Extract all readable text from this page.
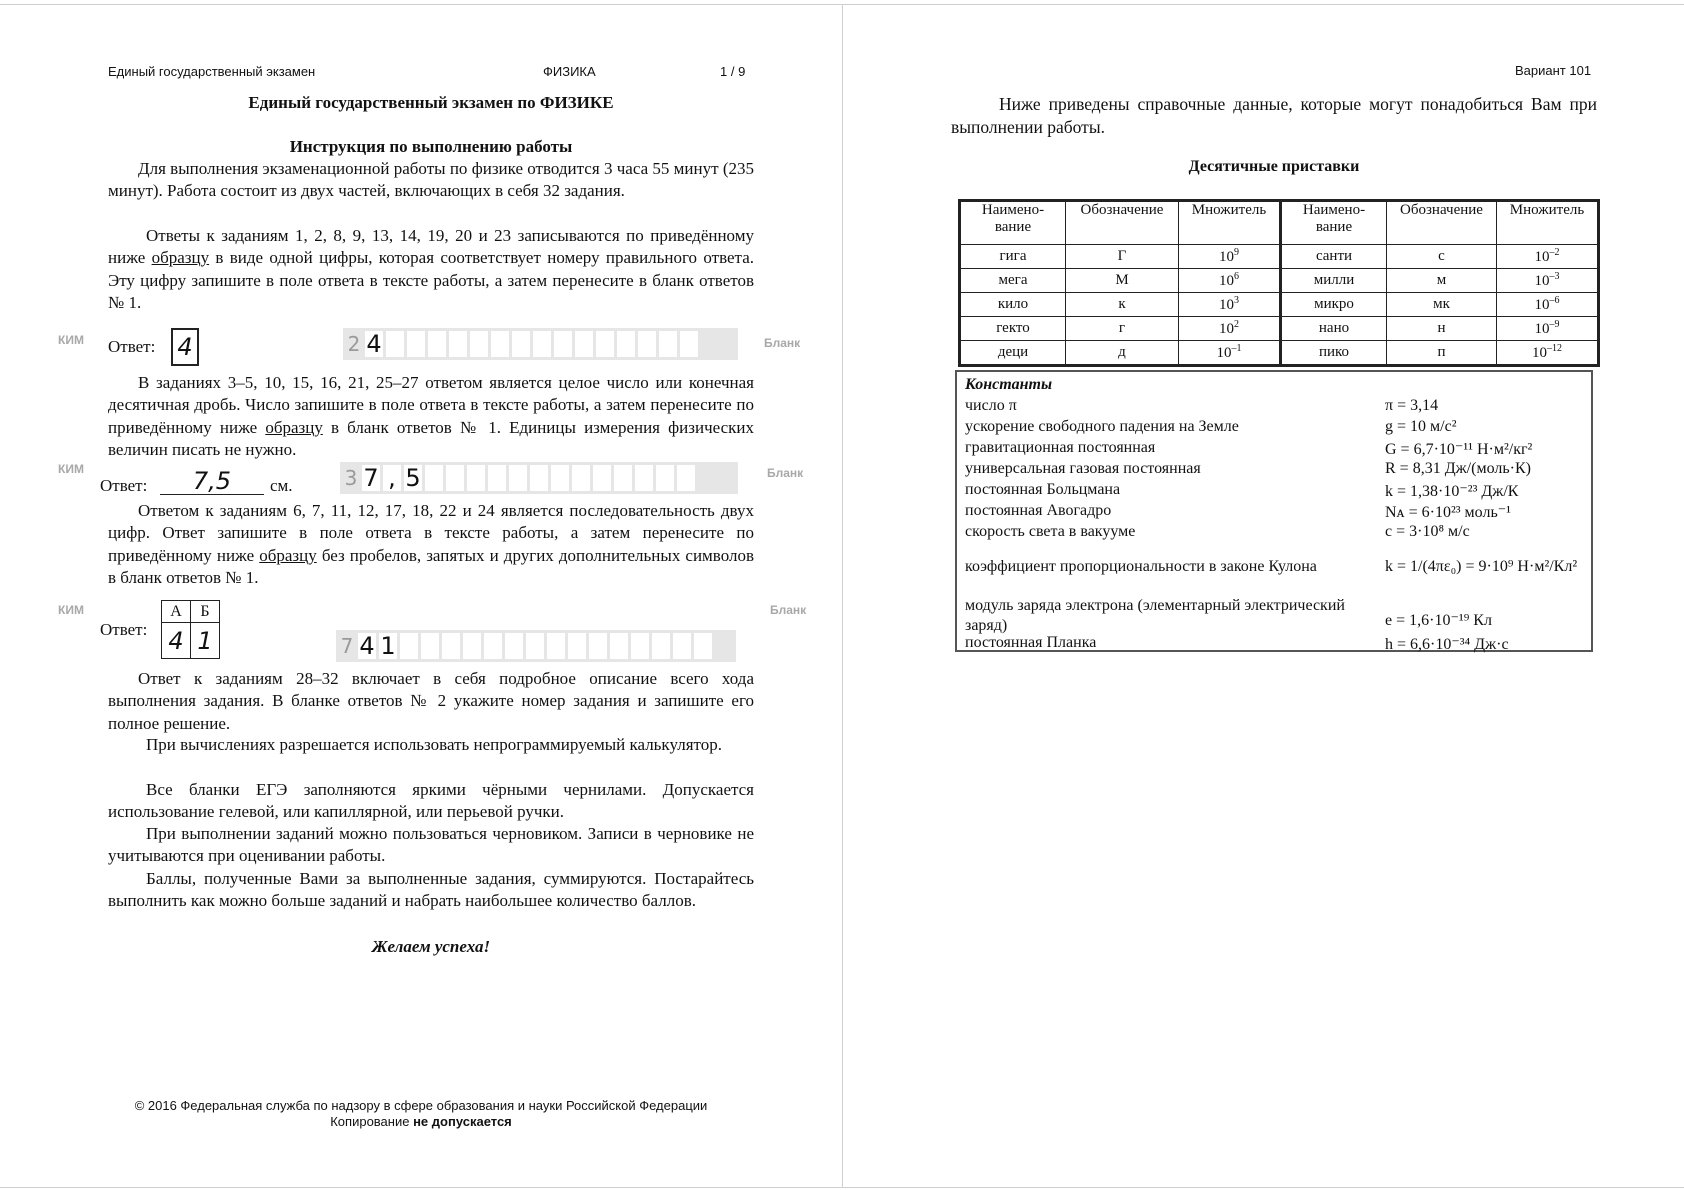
Единый государственный экзамен	ФИЗИКА	1 / 9
Единый государственный экзамен по ФИЗИКЕ
Инструкция по выполнению работы

Для выполнения экзаменационной работы по физике отводится 3 часа 55 минут (235 минут). Работа состоит из двух частей, включающих в себя 32 задания.

Ответы к заданиям 1, 2, 8, 9, 13, 14, 19, 20 и 23 записываются по приведённому ниже образцу в виде одной цифры, которая соответствует номеру правильного ответа. Эту цифру запишите в поле ответа в тексте работы, а затем перенесите в бланк ответов № 1.

КИМ Ответ: 4	2 4	Бланк

В заданиях 3–5, 10, 15, 16, 21, 25–27 ответом является целое число или конечная десятичная дробь. Число запишите в поле ответа в тексте работы, а затем перенесите по приведённому ниже образцу в бланк ответов № 1. Единицы измерения физических величин писать не нужно.

КИМ
Ответ:	7,5	см.	3 7 , 5	Бланк

Ответом к заданиям 6, 7, 11, 12, 17, 18, 22 и 24 является последовательность двух цифр. Ответ запишите в поле ответа в тексте работы, а затем перенесите по приведённому ниже образцу без пробелов, запятых и других дополнительных символов в бланк ответов № 1.

КИМ
Ответ:
А	Б
4	1	7 4 1
Бланк

Ответ к заданиям 28–32 включает в себя подробное описание всего хода выполнения задания. В бланке ответов № 2 укажите номер задания и запишите его полное решение.

При вычислениях разрешается использовать непрограммируемый калькулятор.

Все бланки ЕГЭ заполняются яркими чёрными чернилами. Допускается использование гелевой, или капиллярной, или перьевой ручки.

При выполнении заданий можно пользоваться черновиком. Записи в черновике не учитываются при оценивании работы.

Баллы, полученные Вами за выполненные задания, суммируются. Постарайтесь выполнить как можно больше заданий и набрать наибольшее количество баллов.

Желаем успеха!
© 2016 Федеральная служба по надзору в сфере образования и науки Российской Федерации
Копирование не допускается
Вариант 101

Ниже приведены справочные данные, которые могут понадобиться Вам при выполнении работы.

Десятичные приставки
Наимено-вание	Обозначение	Множитель	Наимено-вание	Обозначение	Множитель
гига	Г	$10^9$	санти	с	$10^{-2}$
мега	М	$10^6$	милли	м	$10^{-3}$
кило	к	$10^3$	микро	мк	$10^{-6}$
гекто	г	$10^2$	нано	н	$10^{-9}$
деци	д	$10^{-1}$	пико	п	$10^{-12}$
Константы
число π	π = 3,14
ускорение свободного падения на Земле	g = 10 м/с²
гравитационная постоянная	G = 6,7·10⁻¹¹ Н·м²/кг²
универсальная газовая постоянная	R = 8,31 Дж/(моль·К)
постоянная Больцмана	k = 1,38·10⁻²³ Дж/К
постоянная Авогадро	Nᴀ = 6·10²³ моль⁻¹
скорость света в вакууме	c = 3·10⁸ м/с
коэффициент пропорциональности в законе Кулона	k = 1/(4πε₀) = 9·10⁹ Н·м²/Кл²
модуль заряда электрона (элементарный электрический заряд)	e = 1,6·10⁻¹⁹ Кл
постоянная Планка	h = 6,6·10⁻³⁴ Дж·с
